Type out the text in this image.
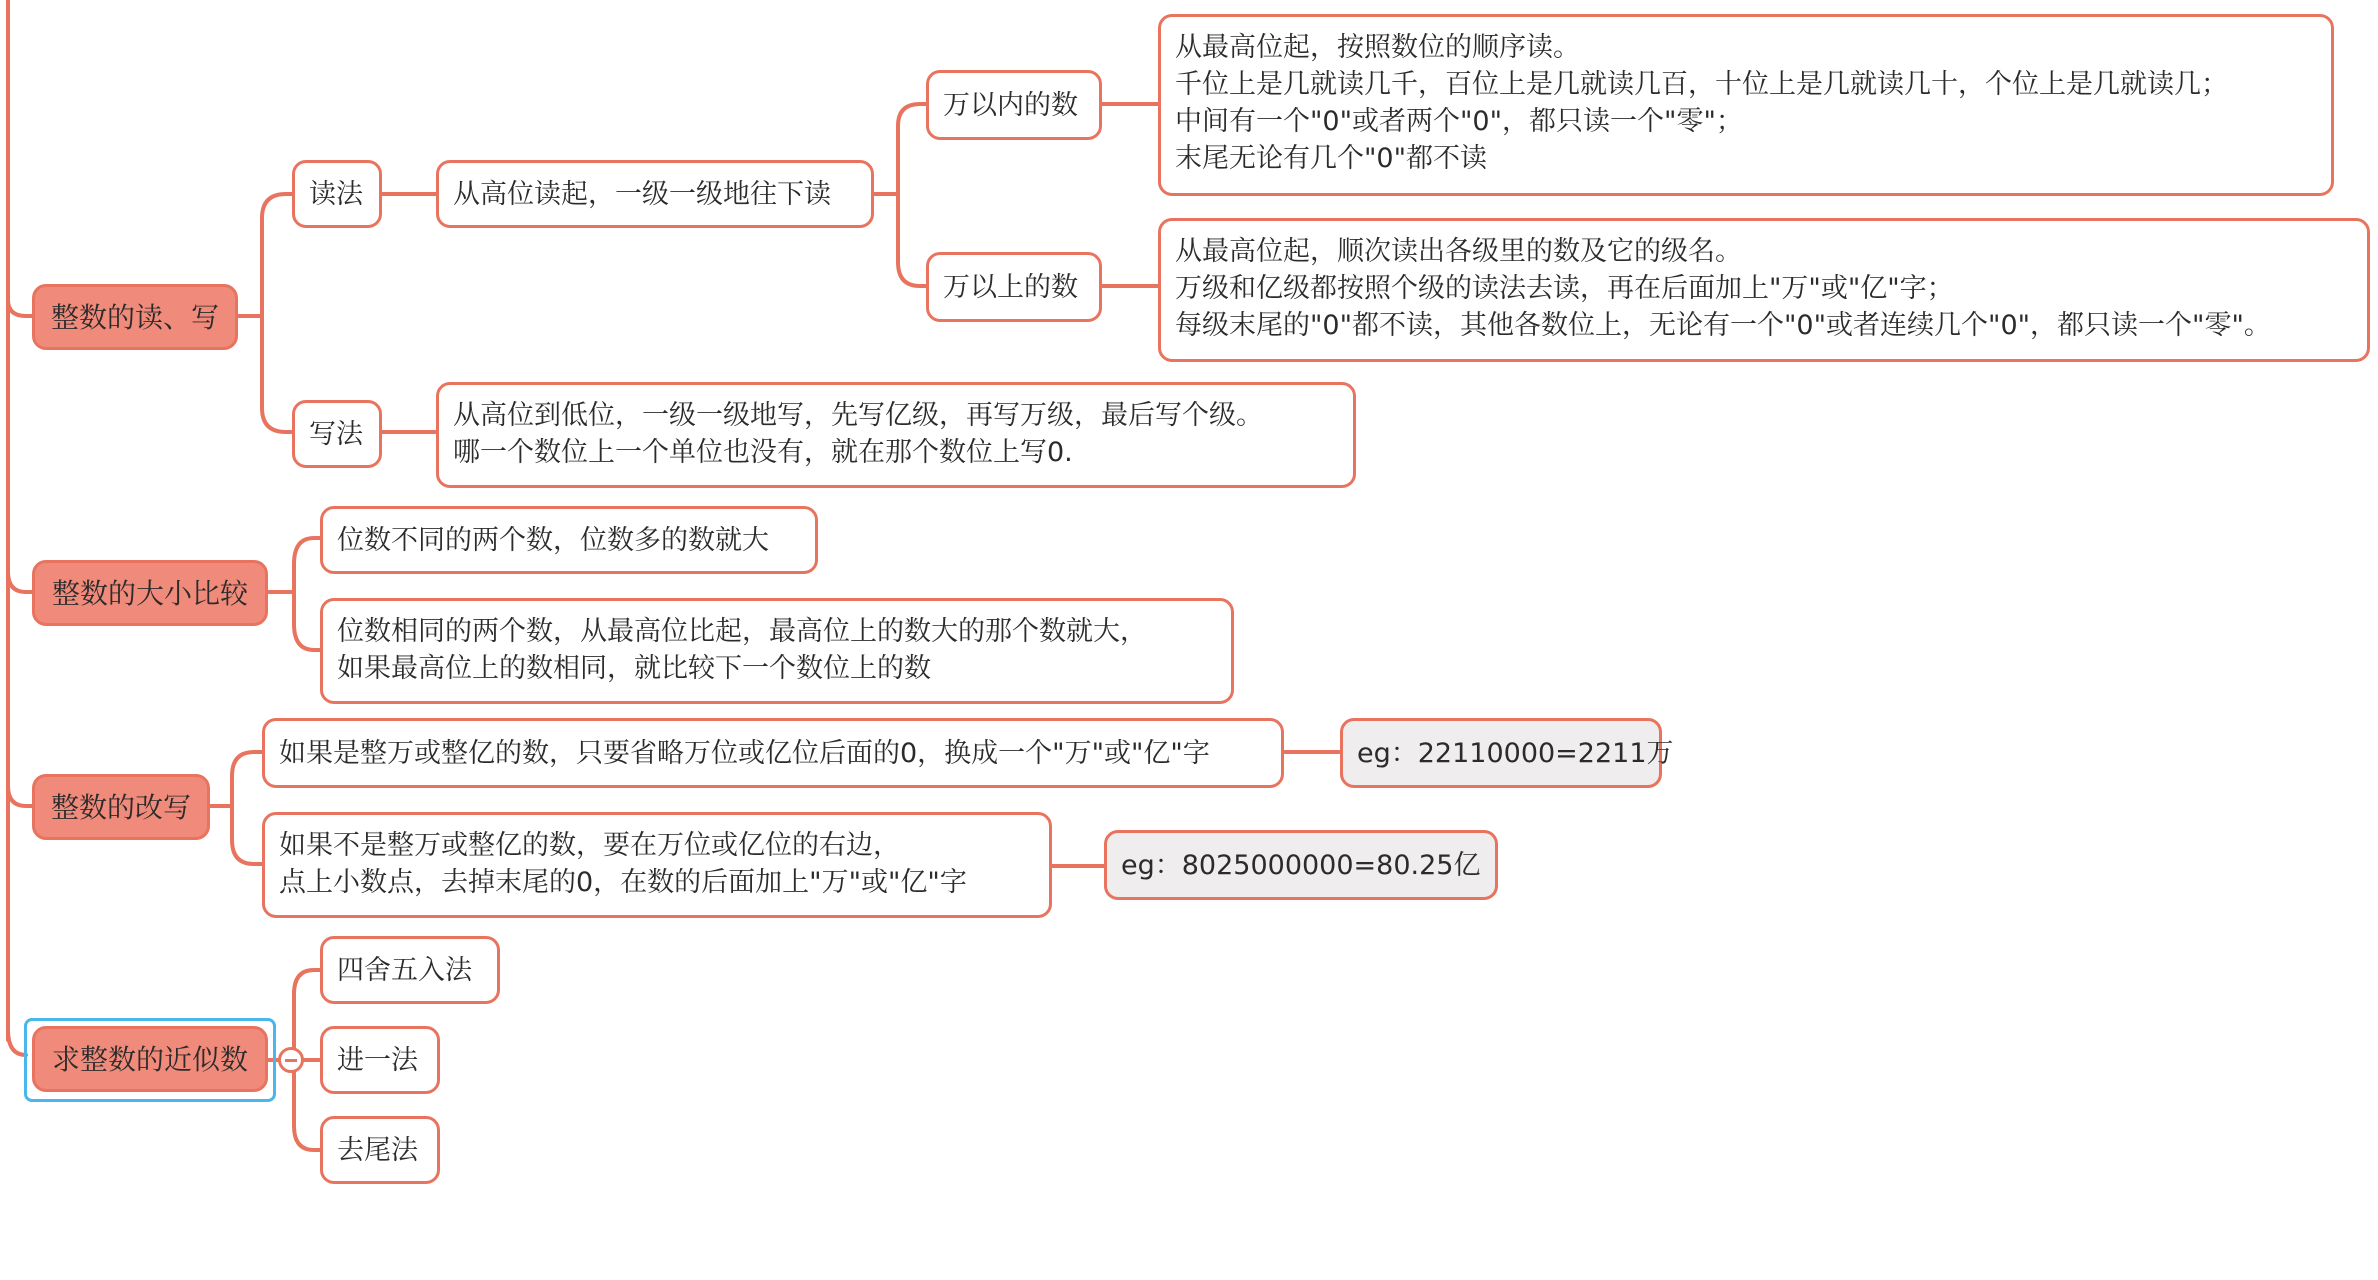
整数的读、写
读法	从高位读起，一级一级地往下读
万以内的数
从最高位起，按照数位的顺序读。
千位上是几就读几千，百位上是几就读几百，十位上是几就读几十，个位上是几就读几；
中间有一个"0"或者两个"0"，都只读一个"零"；
末尾无论有几个"0"都不读
万以上的数
从最高位起，顺次读出各级里的数及它的级名。
万级和亿级都按照个级的读法去读，再在后面加上"万"或"亿"字；
每级末尾的"0"都不读，其他各数位上，无论有一个"0"或者连续几个"0"，都只读一个"零"。
写法
从高位到低位，一级一级地写，先写亿级，再写万级，最后写个级。
哪一个数位上一个单位也没有，就在那个数位上写0.
整数的大小比较
位数不同的两个数，位数多的数就大
位数相同的两个数，从最高位比起，最高位上的数大的那个数就大，
如果最高位上的数相同，就比较下一个数位上的数
整数的改写
如果是整万或整亿的数，只要省略万位或亿位后面的0，换成一个"万"或"亿"字	eg：22110000=2211万
如果不是整万或整亿的数，要在万位或亿位的右边，
点上小数点，去掉末尾的0，在数的后面加上"万"或"亿"字
eg：8025000000=80.25亿
求整数的近似数
四舍五入法
进一法
去尾法
